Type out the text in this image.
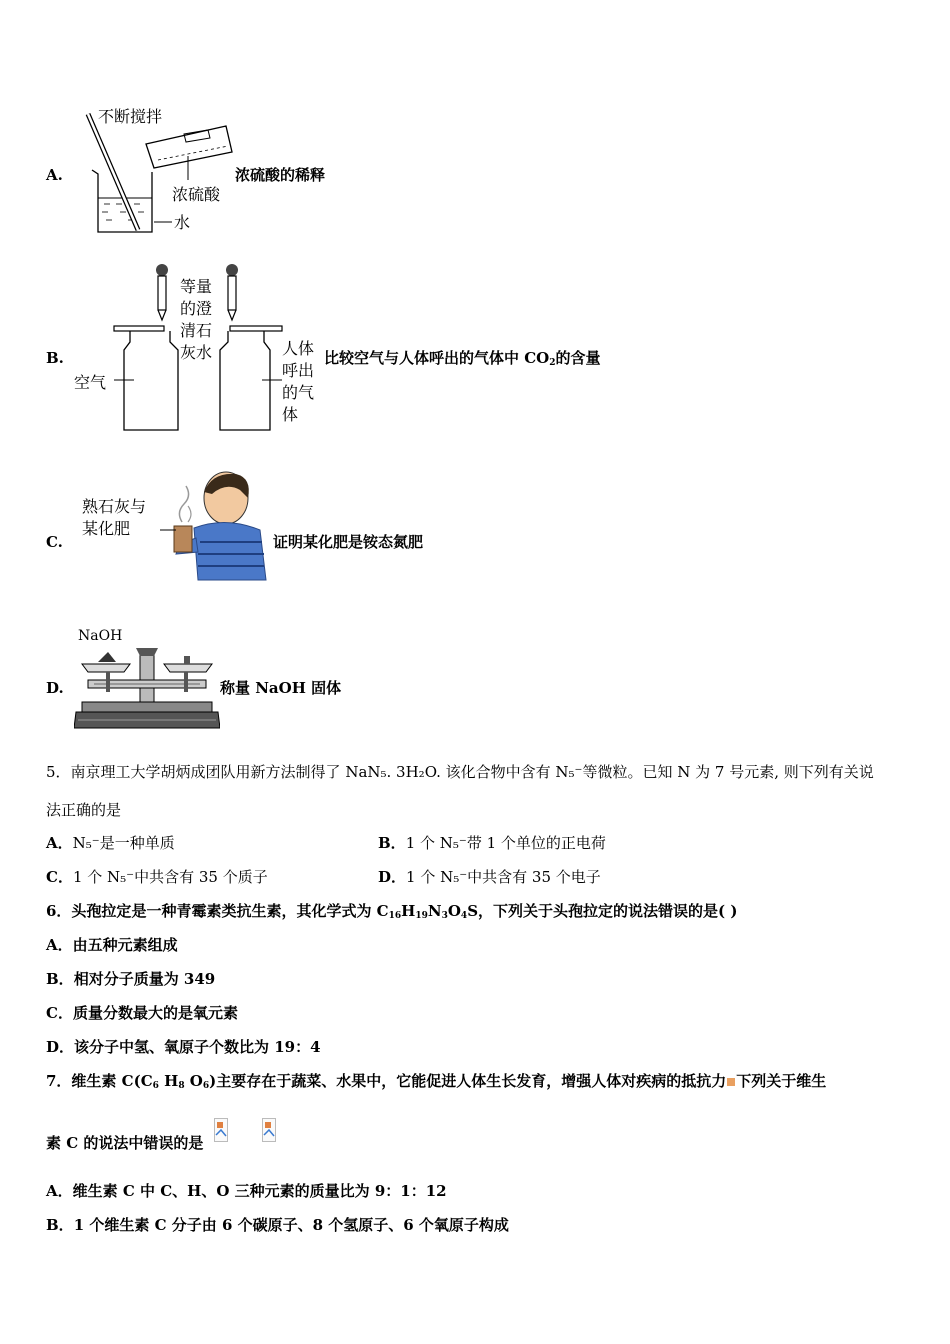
A.
不断搅拌
浓硫酸
水
浓硫酸的稀释
B.
等量
的澄
清石
灰水
空气
人体
呼出
的气
体
比较空气与人体呼出的气体中 $CO_2$的含量
C.
熟石灰与
某化肥
证明某化肥是铵态氮肥
D.
NaOH
称量 NaOH 固体
5．南京理工大学胡炳成团队用新方法制得了 NaN₅. 3H₂O. 该化合物中含有 N₅⁻等微粒。已知 N 为 7 号元素, 则下列有关说
法正确的是
A．N₅⁻是一种单质	B．1 个 N₅⁻带 1 个单位的正电荷
C．1 个 N₅⁻中共含有 35 个质子	D．1 个 N₅⁻中共含有 35 个电子
6．头孢拉定是一种青霉素类抗生素，其化学式为 $C_{16}H_{19}N_3O_4S$，下列关于头孢拉定的说法错误的是( )
A．由五种元素组成
B．相对分子质量为 349
C．质量分数最大的是氧元素
D．该分子中氢、氧原子个数比为 19：4
7．维生素 $C(C_6$ $H_8$ $O_6$)主要存在于蔬菜、水果中，它能促进人体生长发育，增强人体对疾病的抵抗力 下列关于维生
素 C 的说法中错误的是
A．维生素 C 中 C、H、O 三种元素的质量比为 9：1：12
B．1 个维生素 C 分子由 6 个碳原子、8 个氢原子、6 个氧原子构成
